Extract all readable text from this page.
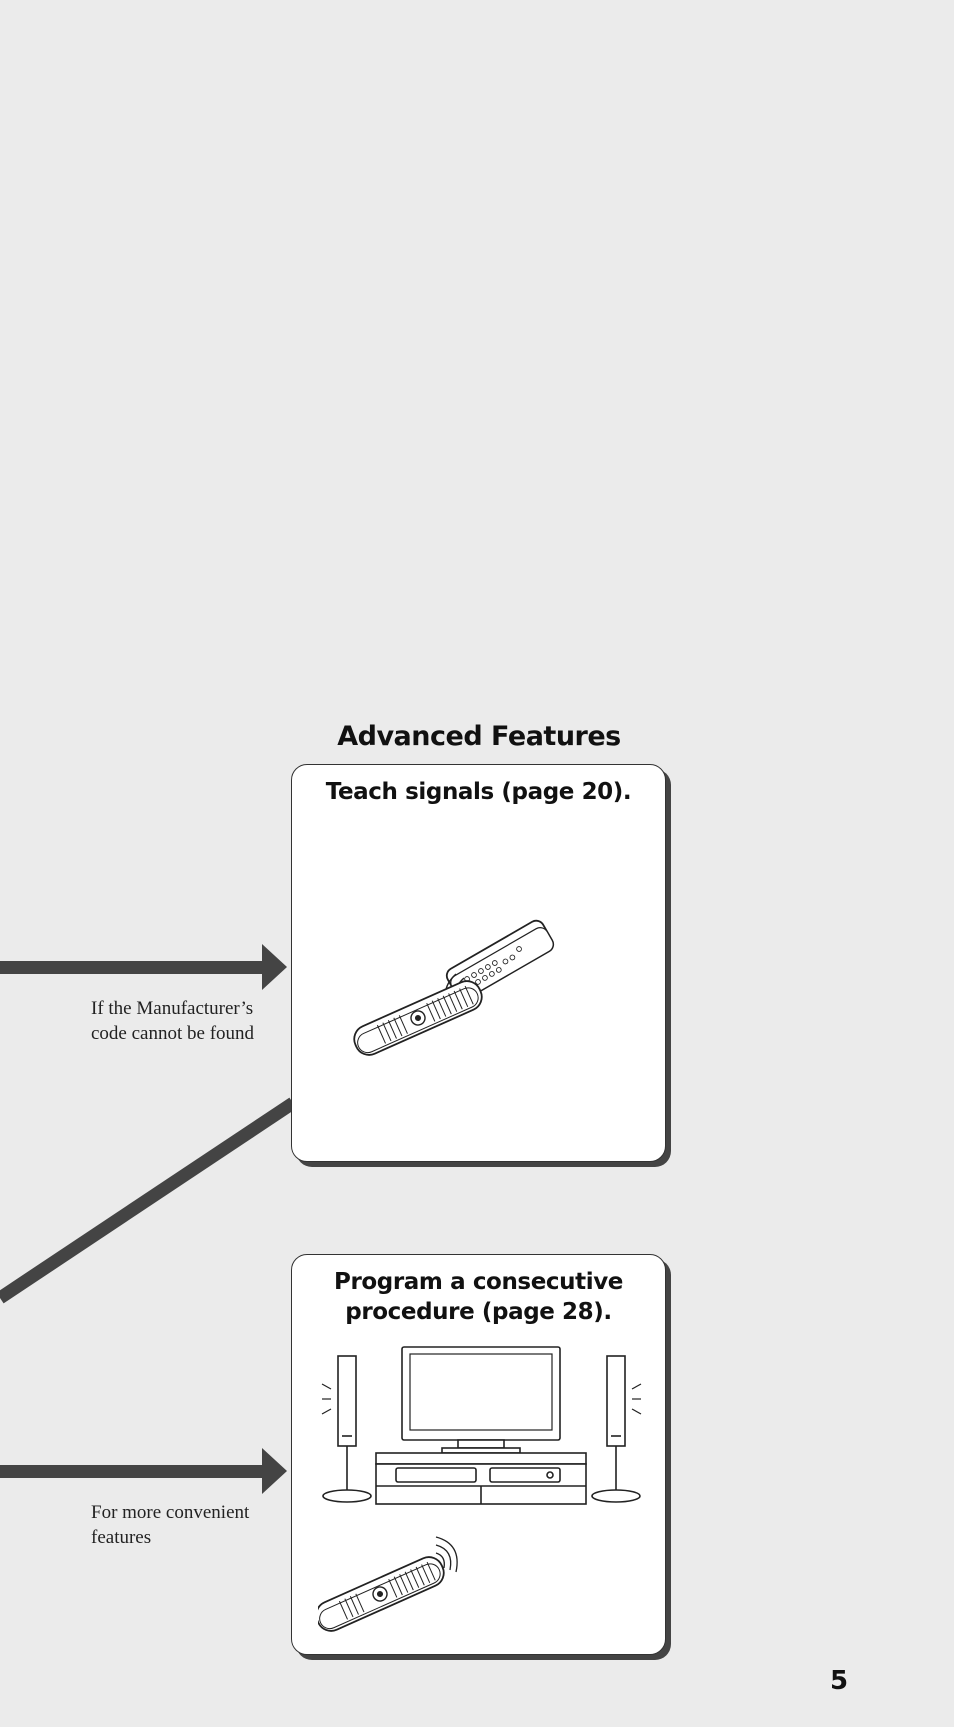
Advanced Features
Teach signals (page 20).
Program a consecutive
procedure (page 28).
If the Manufacturer’s
code cannot be found
For more convenient
features
5
